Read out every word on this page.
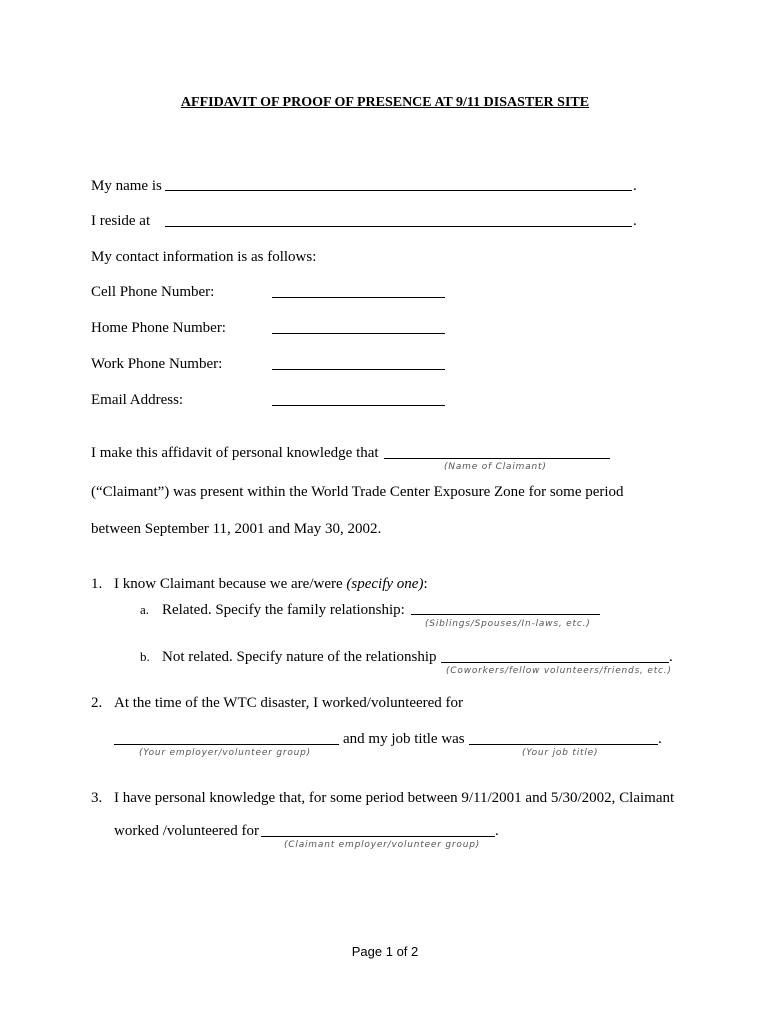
AFFIDAVIT OF PROOF OF PRESENCE AT 9/11 DISASTER SITE
My name is	.
I reside at	.
My contact information is as follows:
Cell Phone Number:
Home Phone Number:
Work Phone Number:
Email Address:
I make this affidavit of personal knowledge that
(Name of Claimant)
(“Claimant”) was present within the World Trade Center Exposure Zone for some period
between September 11, 2001 and May 30, 2002.
1. I know Claimant because we are/were (specify one):
a. Related. Specify the family relationship:
(Siblings/Spouses/In-laws, etc.)
b. Not related. Specify nature of the relationship	.
(Coworkers/fellow volunteers/friends, etc.)
2. At the time of the WTC disaster, I worked/volunteered for
and my job title was	.
(Your employer/volunteer group)	(Your job title)
3. I have personal knowledge that, for some period between 9/11/2001 and 5/30/2002, Claimant
worked /volunteered for	.
(Claimant employer/volunteer group)
Page 1 of 2
